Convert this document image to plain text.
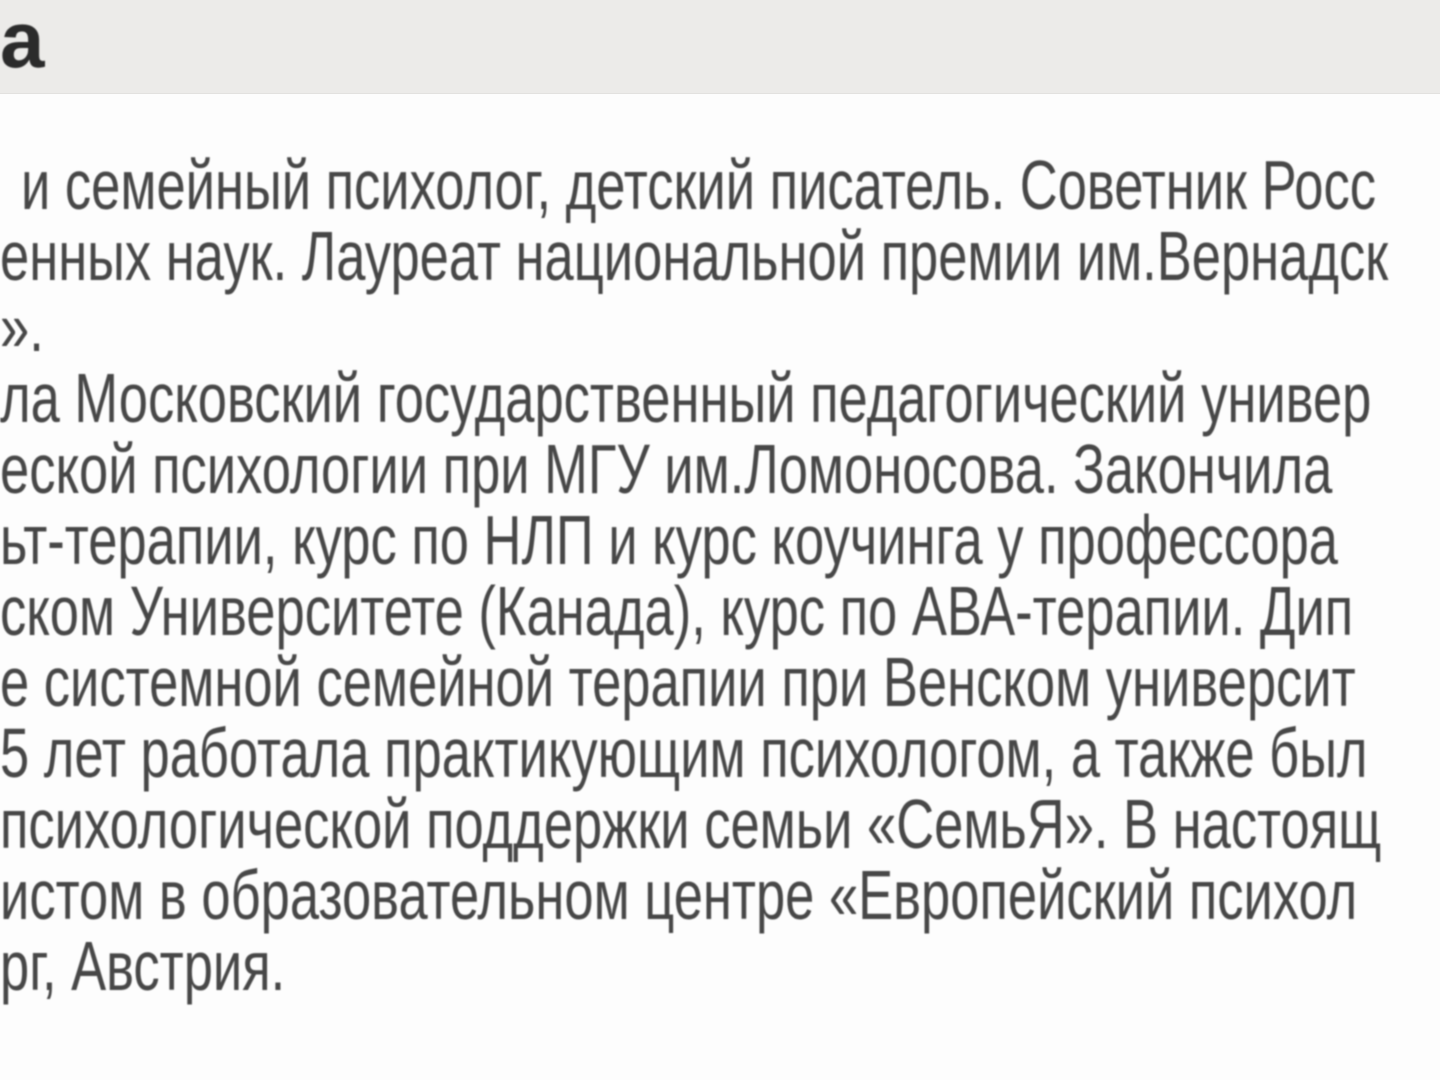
а
и семейный психолог, детский писатель. Советник Росс
енных наук. Лауреат национальной премии им.Вернадск
».
ла Московский государственный педагогический универ
еской психологии при МГУ им.Ломоносова. Закончила
ьт-терапии, курс по НЛП и курс коучинга у профессора
ском Университете (Канада), курс по АВА-терапии. Дип
е системной семейной терапии при Венском университ
5 лет работала практикующим психологом, а также был
психологической поддержки семьи «СемьЯ». В настоящ
истом в образовательном центре «Европейский психол
рг, Австрия.
